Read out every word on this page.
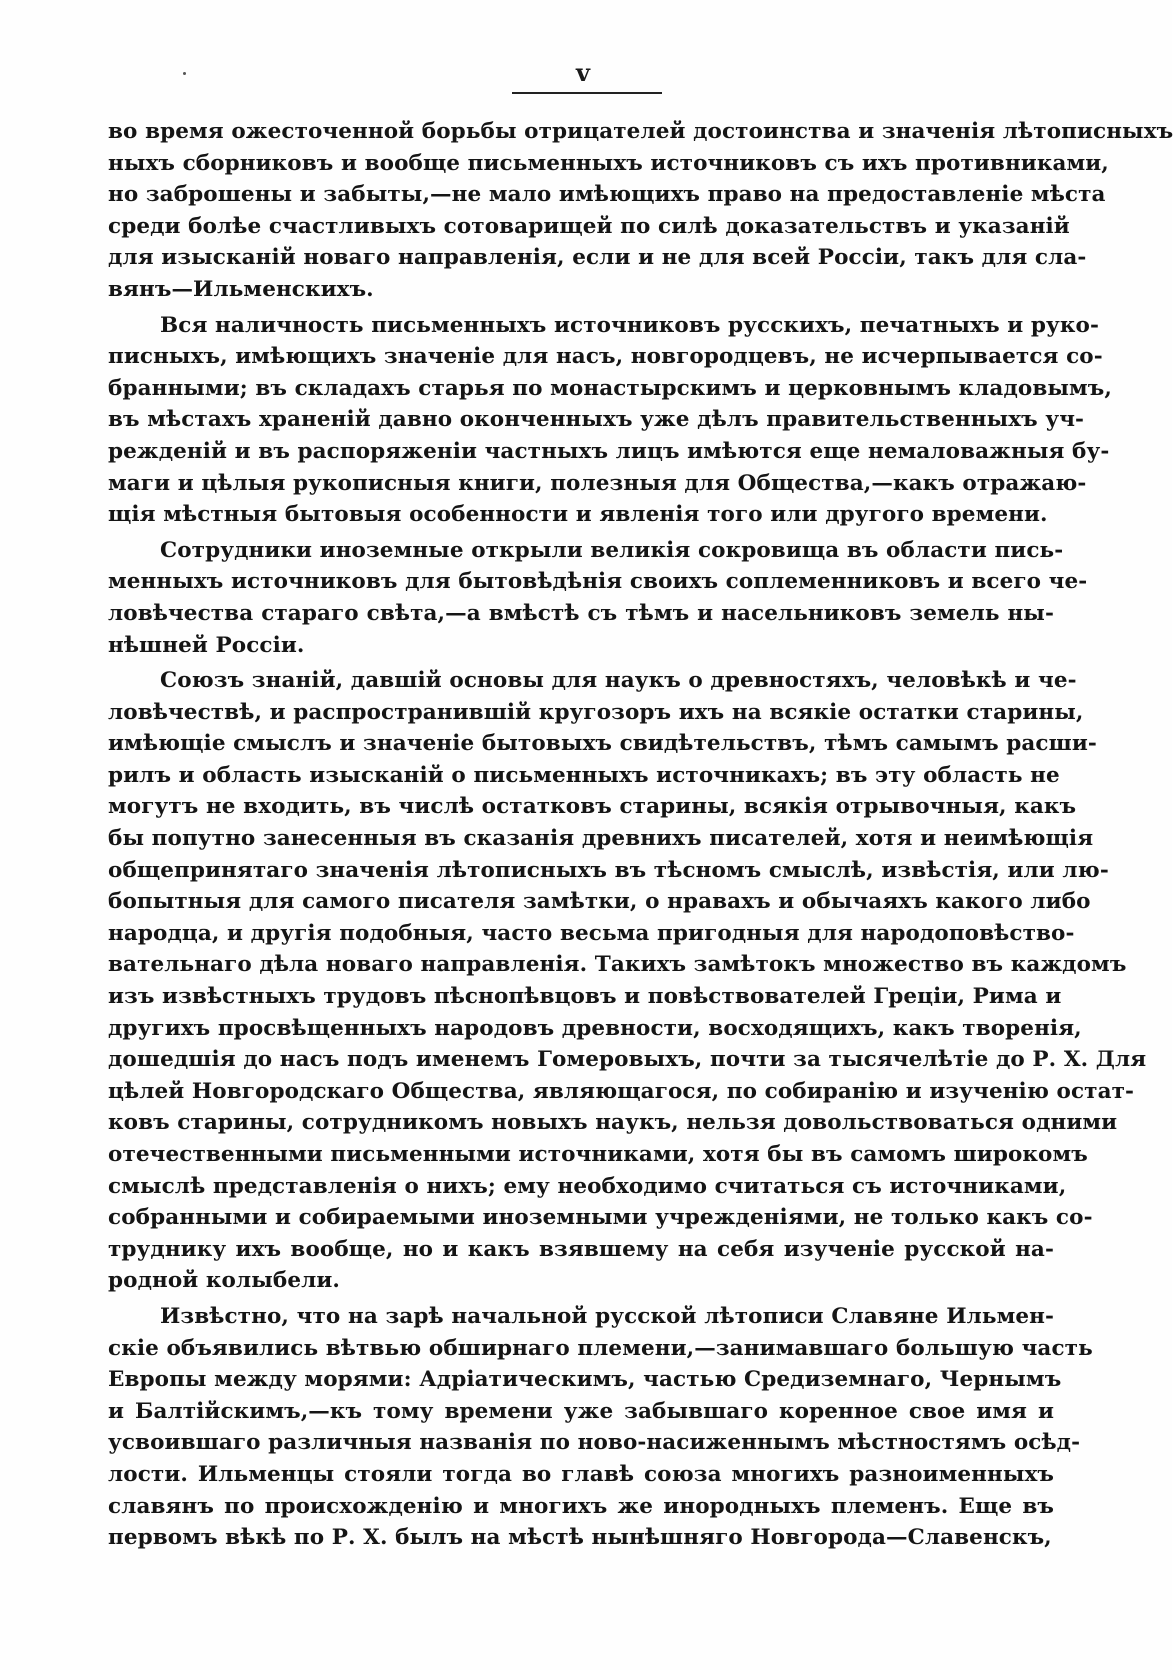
v
во время ожесточенной борьбы отрицателей достоинства и значенія лѣтописныхъ
ныхъ сборниковъ и вообще письменныхъ источниковъ съ ихъ противниками,
но заброшены и забыты,—не мало имѣющихъ право на предоставленіе мѣста
среди болѣе счастливыхъ сотоварищей по силѣ доказательствъ и указаній
для изысканій новаго направленія, если и не для всей Россіи, такъ для сла-
вянъ—Ильменскихъ.
Вся наличность письменныхъ источниковъ русскихъ, печатныхъ и руко-
писныхъ, имѣющихъ значеніе для насъ, новгородцевъ, не исчерпывается со-
бранными; въ складахъ старья по монастырскимъ и церковнымъ кладовымъ,
въ мѣстахъ храненій давно оконченныхъ уже дѣлъ правительственныхъ уч-
режденій и въ распоряженіи частныхъ лицъ имѣются еще немаловажныя бу-
маги и цѣлыя рукописныя книги, полезныя для Общества,—какъ отражаю-
щія мѣстныя бытовыя особенности и явленія того или другого времени.
Сотрудники иноземные открыли великія сокровища въ области пись-
менныхъ источниковъ для бытовѣдѣнія своихъ соплеменниковъ и всего че-
ловѣчества стараго свѣта,—а вмѣстѣ съ тѣмъ и насельниковъ земель ны-
нѣшней Россіи.
Союзъ знаній, давшій основы для наукъ о древностяхъ, человѣкѣ и че-
ловѣчествѣ, и распространившій кругозоръ ихъ на всякіе остатки старины,
имѣющіе смыслъ и значеніе бытовыхъ свидѣтельствъ, тѣмъ самымъ расши-
рилъ и область изысканій о письменныхъ источникахъ; въ эту область не
могутъ не входить, въ числѣ остатковъ старины, всякія отрывочныя, какъ
бы попутно занесенныя въ сказанія древнихъ писателей, хотя и неимѣющія
общепринятаго значенія лѣтописныхъ въ тѣсномъ смыслѣ, извѣстія, или лю-
бопытныя для самого писателя замѣтки, о нравахъ и обычаяхъ какого либо
народца, и другія подобныя, часто весьма пригодныя для народоповѣство-
вательнаго дѣла новаго направленія. Такихъ замѣтокъ множество въ каждомъ
изъ извѣстныхъ трудовъ пѣснопѣвцовъ и повѣствователей Греціи, Рима и
другихъ просвѣщенныхъ народовъ древности, восходящихъ, какъ творенія,
дошедшія до насъ подъ именемъ Гомеровыхъ, почти за тысячелѣтіе до Р. Х. Для
цѣлей Новгородскаго Общества, являющагося, по собиранію и изученію остат-
ковъ старины, сотрудникомъ новыхъ наукъ, нельзя довольствоваться одними
отечественными письменными источниками, хотя бы въ самомъ широкомъ
смыслѣ представленія о нихъ; ему необходимо считаться съ источниками,
собранными и собираемыми иноземными учрежденіями, не только какъ со-
труднику ихъ вообще, но и какъ взявшему на себя изученіе русской на-
родной колыбели.
Извѣстно, что на зарѣ начальной русской лѣтописи Славяне Ильмен-
скіе объявились вѣтвью обширнаго племени,—занимавшаго большую часть
Европы между морями: Адріатическимъ, частью Средиземнаго, Чернымъ
и Балтійскимъ,—къ тому времени уже забывшаго коренное свое имя и
усвоившаго различныя названія по ново-насиженнымъ мѣстностямъ осѣд-
лости. Ильменцы стояли тогда во главѣ союза многихъ разноименныхъ
славянъ по происхожденію и многихъ же инородныхъ племенъ. Еще въ
первомъ вѣкѣ по Р. Х. былъ на мѣстѣ нынѣшняго Новгорода—Славенскъ,
